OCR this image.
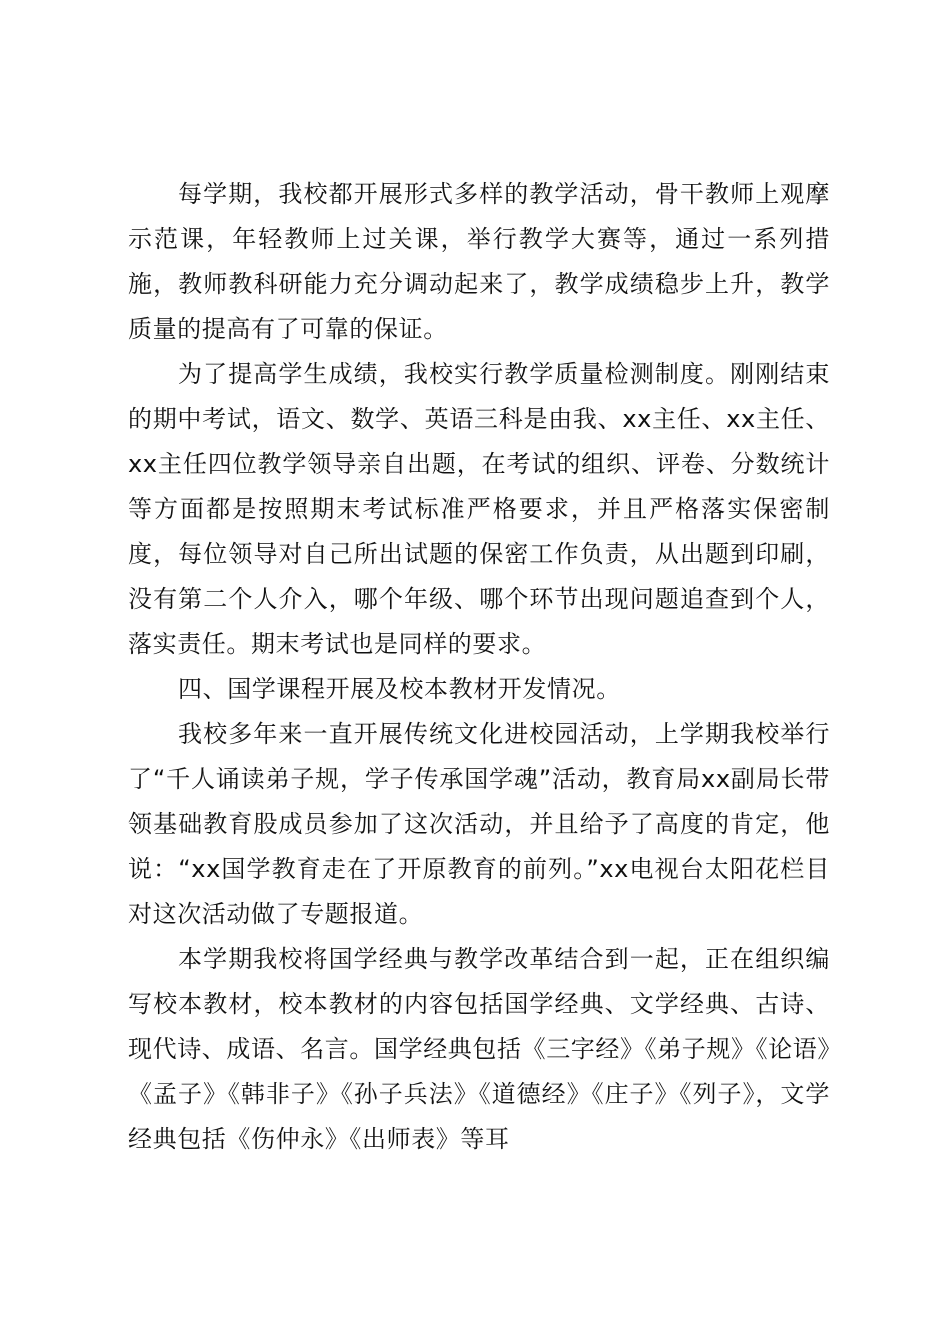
每学期，我校都开展形式多样的教学活动，骨干教师上观摩示范课，年轻教师上过关课，举行教学大赛等，通过一系列措施，教师教科研能力充分调动起来了，教学成绩稳步上升，教学质量的提高有了可靠的保证。

为了提高学生成绩，我校实行教学质量检测制度。刚刚结束的期中考试，语文、数学、英语三科是由我、xx主任、xx主任、xx主任四位教学领导亲自出题，在考试的组织、评卷、分数统计等方面都是按照期末考试标准严格要求，并且严格落实保密制度，每位领导对自己所出试题的保密工作负责，从出题到印刷，没有第二个人介入，哪个年级、哪个环节出现问题追查到个人，落实责任。期末考试也是同样的要求。

四、国学课程开展及校本教材开发情况。

我校多年来一直开展传统文化进校园活动，上学期我校举行了“千人诵读弟子规，学子传承国学魂”活动，教育局xx副局长带领基础教育股成员参加了这次活动，并且给予了高度的肯定，他说：“xx国学教育走在了开原教育的前列。”xx电视台太阳花栏目对这次活动做了专题报道。

本学期我校将国学经典与教学改革结合到一起，正在组织编写校本教材，校本教材的内容包括国学经典、文学经典、古诗、现代诗、成语、名言。国学经典包括《三字经》《弟子规》《论语》《孟子》《韩非子》《孙子兵法》《道德经》《庄子》《列子》，文学经典包括《伤仲永》《出师表》等耳
